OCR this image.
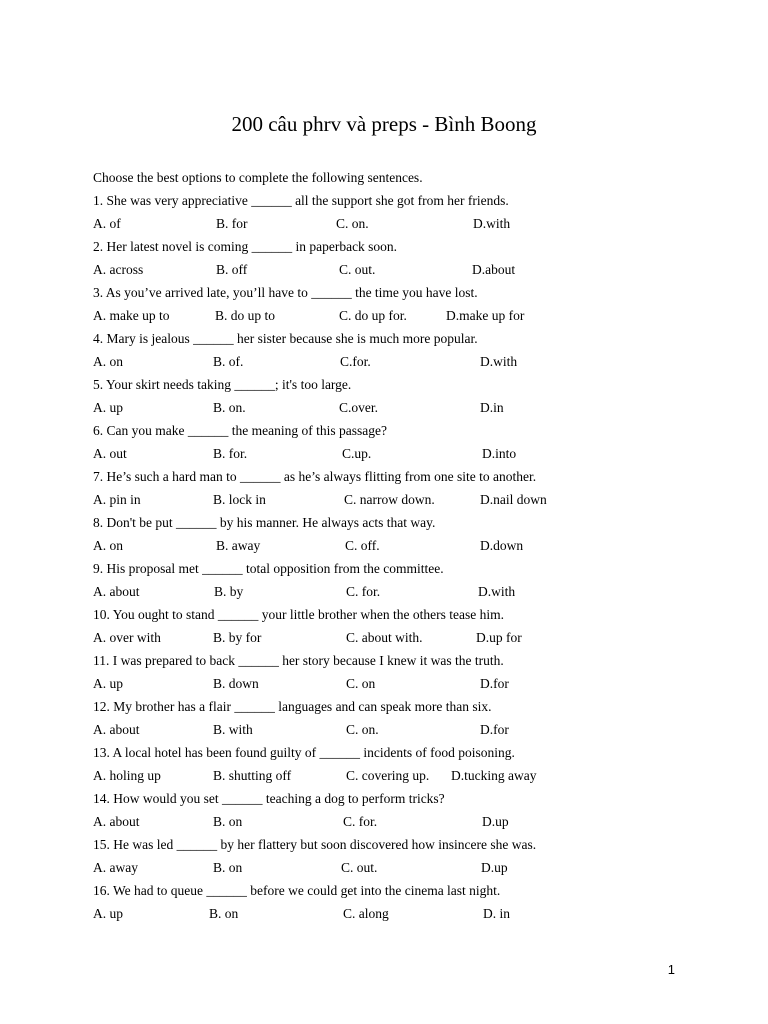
200 câu phrv và preps - Bình Boong
Choose the best options to complete the following sentences.
1. She was very appreciative ______ all the support she got from her friends.
A. of	B. for	C. on.	D.with
2. Her latest novel is coming ______ in paperback soon.
A. across	B. off	C. out.	D.about
3. As you’ve arrived late, you’ll have to ______ the time you have lost.
A. make up to	B. do up to	C. do up for.	D.make up for
4. Mary is jealous ______ her sister because she is much more popular.
A. on	B. of.	C.for.	D.with
5. Your skirt needs taking ______; it's too large.
A. up	B. on.	C.over.	D.in
6. Can you make ______ the meaning of this passage?
A. out	B. for.	C.up.	D.into
7. He’s such a hard man to ______ as he’s always flitting from one site to another.
A. pin in	B. lock in	C. narrow down.	D.nail down
8. Don't be put ______ by his manner. He always acts that way.
A. on	B. away	C. off.	D.down
9. His proposal met ______ total opposition from the committee.
A. about	B. by	C. for.	D.with
10. You ought to stand ______ your little brother when the others tease him.
A. over with	B. by for	C. about with.	D.up for
11. I was prepared to back ______ her story because I knew it was the truth.
A. up	B. down	C. on	D.for
12. My brother has a flair ______ languages and can speak more than six.
A. about	B. with	C. on.	D.for
13. A local hotel has been found guilty of ______ incidents of food poisoning.
A. holing up	B. shutting off	C. covering up. D.tucking away
14. How would you set ______ teaching a dog to perform tricks?
A. about	B. on	C. for.	D.up
15. He was led ______ by her flattery but soon discovered how insincere she was.
A. away	B. on	C. out.	D.up
16. We had to queue ______ before we could get into the cinema last night.
A. up	B. on	C. along	D. in
1
